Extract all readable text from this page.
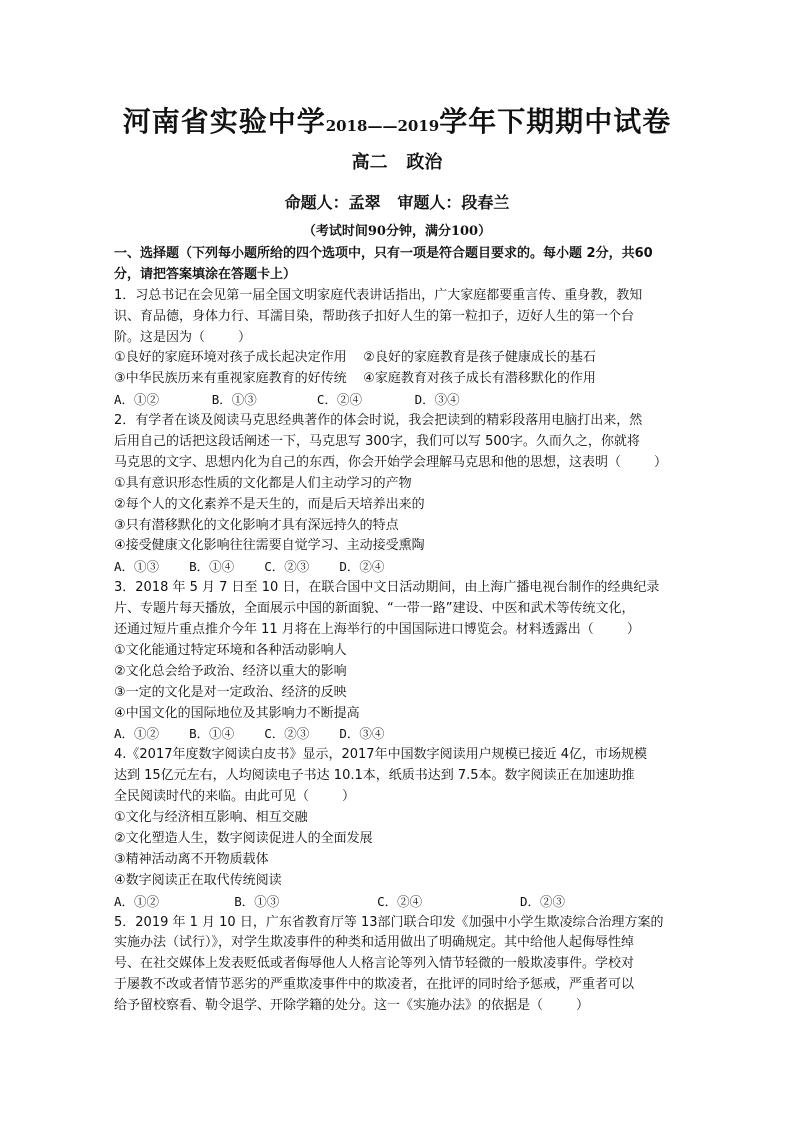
河南省实验中学2018——2019学年下期期中试卷
高二   政治
命题人：孟翠   审题人：段春兰
（考试时间90分钟，满分100）
一、选择题（下列每小题所给的四个选项中，只有一项是符合题目要求的。每小题 2分，共60
分，请把答案填涂在答题卡上）
1．习总书记在会见第一届全国文明家庭代表讲话指出，广大家庭都要重言传、重身教，教知
识、育品德，身体力行、耳濡目染，帮助孩子扣好人生的第一粒扣子，迈好人生的第一个台
阶。这是因为（        ）
①良好的家庭环境对孩子成长起决定作用    ②良好的家庭教育是孩子健康成长的基石
③中华民族历来有重视家庭教育的好传统    ④家庭教育对孩子成长有潜移默化的作用
A．①②       B．①③        C．②④       D．③④
2．有学者在谈及阅读马克思经典著作的体会时说，我会把读到的精彩段落用电脑打出来，然
后用自己的话把这段话阐述一下，马克思写 300字，我们可以写 500字。久而久之，你就将
马克思的文字、思想内化为自己的东西，你会开始学会理解马克思和他的思想，这表明（        ）
①具有意识形态性质的文化都是人们主动学习的产物
②每个人的文化素养不是天生的，而是后天培养出来的
③只有潜移默化的文化影响才具有深远持久的特点
④接受健康文化影响往往需要自觉学习、主动接受熏陶
A．①③    B．①④    C．②③    D．②④
3．2018 年 5 月 7 日至 10 日，在联合国中文日活动期间，由上海广播电视台制作的经典纪录
片、专题片每天播放，全面展示中国的新面貌、“一带一路”建设、中医和武术等传统文化，
还通过短片重点推介今年 11 月将在上海举行的中国国际进口博览会。材料透露出（        ）
①文化能通过特定环境和各种活动影响人
②文化总会给予政治、经济以重大的影响
③一定的文化是对一定政治、经济的反映
④中国文化的国际地位及其影响力不断提高
A．①②    B．①④    C．②③    D．③④
4.《2017年度数字阅读白皮书》显示，2017年中国数字阅读用户规模已接近 4亿，市场规模
达到 15亿元左右，人均阅读电子书达 10.1本，纸质书达到 7.5本。数字阅读正在加速助推
全民阅读时代的来临。由此可见（        ）
①文化与经济相互影响、相互交融
②文化塑造人生，数字阅读促进人的全面发展
③精神活动离不开物质载体
④数字阅读正在取代传统阅读
A．①②          B．①③             C．②④             D．②③
5．2019 年 1 月 10 日，广东省教育厅等 13部门联合印发《加强中小学生欺凌综合治理方案的
实施办法（试行）》，对学生欺凌事件的种类和适用做出了明确规定。其中给他人起侮辱性绰
号、在社交媒体上发表贬低或者侮辱他人人格言论等列入情节轻微的一般欺凌事件。学校对
于屡教不改或者情节恶劣的严重欺凌事件中的欺凌者，在批评的同时给予惩戒，严重者可以
给予留校察看、勒令退学、开除学籍的处分。这一《实施办法》的依据是（        ）
